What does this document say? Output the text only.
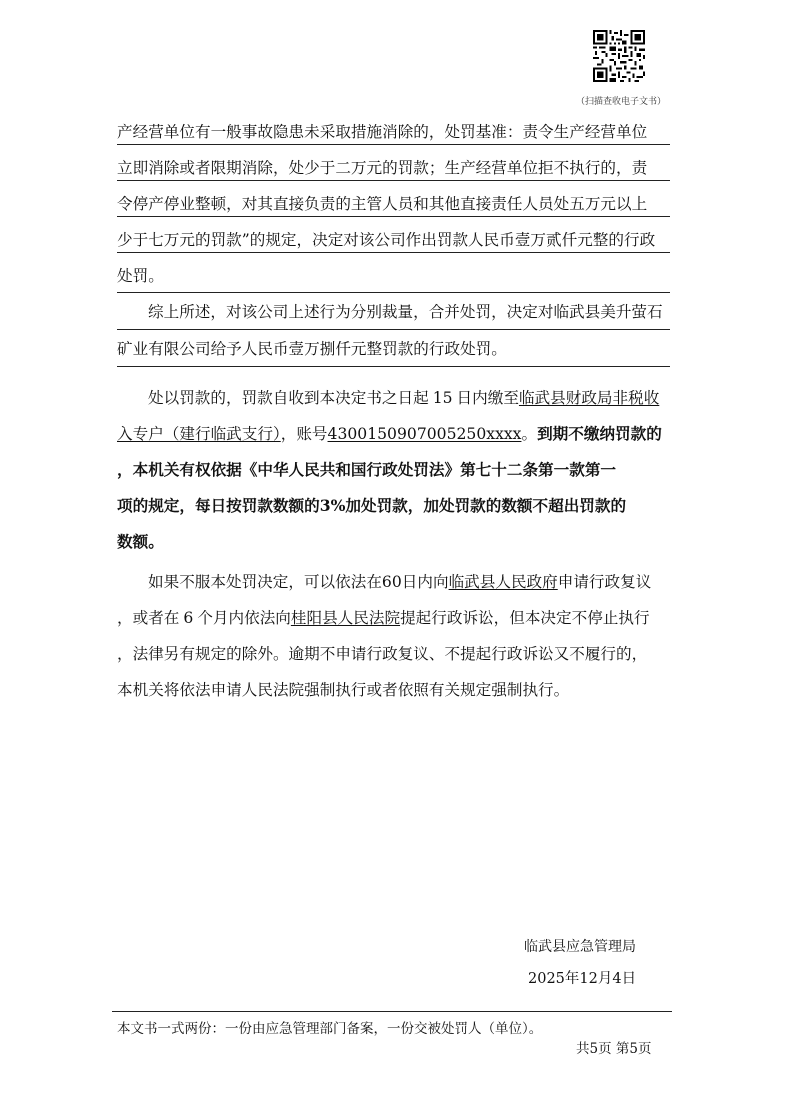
（扫描查收电子文书）
产经营单位有一般事故隐患未采取措施消除的，处罚基准：责令生产经营单位
立即消除或者限期消除，处少于二万元的罚款；生产经营单位拒不执行的，责
令停产停业整顿，对其直接负责的主管人员和其他直接责任人员处五万元以上
少于七万元的罚款”的规定，决定对该公司作出罚款人民币壹万贰仟元整的行政
处罚。
综上所述，对该公司上述行为分别裁量，合并处罚，决定对临武县美升萤石
矿业有限公司给予人民币壹万捌仟元整罚款的行政处罚。
处以罚款的，罚款自收到本决定书之日起 15 日内缴至临武县财政局非税收
入专户（建行临武支行），账号4300150907005250xxxx。到期不缴纳罚款的
，本机关有权依据《中华人民共和国行政处罚法》第七十二条第一款第一
项的规定，每日按罚款数额的3%加处罚款，加处罚款的数额不超出罚款的
数额。
如果不服本处罚决定，可以依法在60日内向临武县人民政府申请行政复议
，或者在 6 个月内依法向桂阳县人民法院提起行政诉讼，但本决定不停止执行
，法律另有规定的除外。逾期不申请行政复议、不提起行政诉讼又不履行的，
本机关将依法申请人民法院强制执行或者依照有关规定强制执行。
临武县应急管理局
2025年12月4日
本文书一式两份：一份由应急管理部门备案，一份交被处罚人（单位）。
共5页 第5页
